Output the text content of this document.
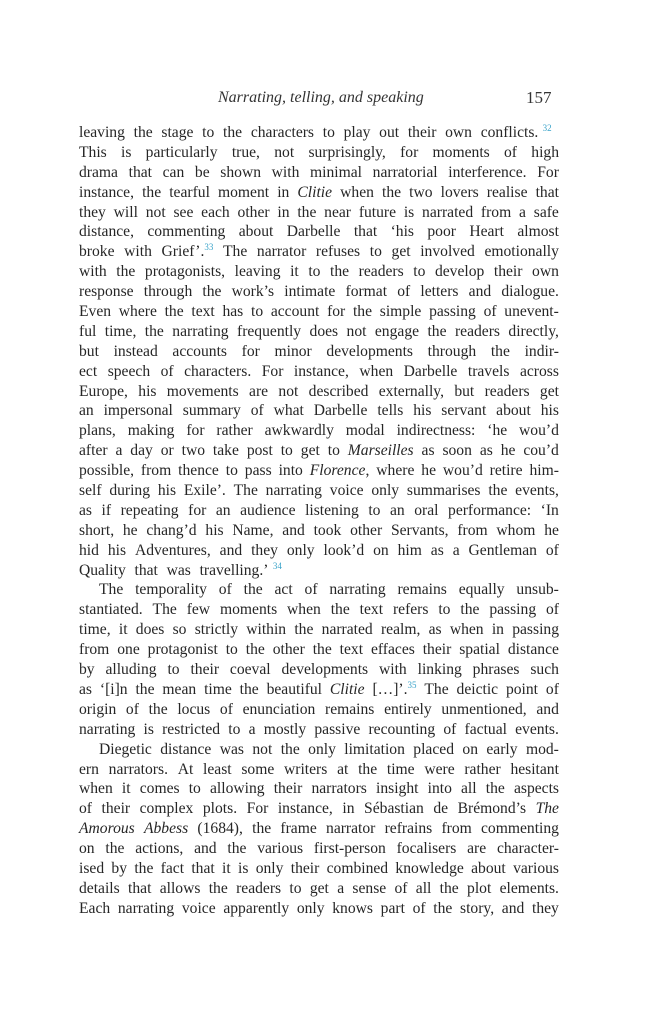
Narrating, telling, and speaking	157
leaving the stage to the characters to play out their own conflicts. $^{32}$
This is particularly true, not surprisingly, for moments of high
drama that can be shown with minimal narratorial interference. For
instance, the tearful moment in Clitie when the two lovers realise that
they will not see each other in the near future is narrated from a safe
distance, commenting about Darbelle that ‘his poor Heart almost
broke with Grief’.$^{33}$ The narrator refuses to get involved emotionally
with the protagonists, leaving it to the readers to develop their own
response through the work’s intimate format of letters and dialogue.
Even where the text has to account for the simple passing of unevent-
ful time, the narrating frequently does not engage the readers directly,
but instead accounts for minor developments through the indir-
ect speech of characters. For instance, when Darbelle travels across
Europe, his movements are not described externally, but readers get
an impersonal summary of what Darbelle tells his servant about his
plans, making for rather awkwardly modal indirectness: ‘he wou’d
after a day or two take post to get to Marseilles as soon as he cou’d
possible, from thence to pass into Florence, where he wou’d retire him-
self during his Exile’. The narrating voice only summarises the events,
as if repeating for an audience listening to an oral performance: ‘In
short, he chang’d his Name, and took other Servants, from whom he
hid his Adventures, and they only look’d on him as a Gentleman of
Quality that was travelling.’ $^{34}$
The temporality of the act of narrating remains equally unsub-
stantiated. The few moments when the text refers to the passing of
time, it does so strictly within the narrated realm, as when in passing
from one protagonist to the other the text effaces their spatial distance
by alluding to their coeval developments with linking phrases such
as ‘[i]n the mean time the beautiful Clitie […]’.$^{35}$ The deictic point of
origin of the locus of enunciation remains entirely unmentioned, and
narrating is restricted to a mostly passive recounting of factual events.
Diegetic distance was not the only limitation placed on early mod-
ern narrators. At least some writers at the time were rather hesitant
when it comes to allowing their narrators insight into all the aspects
of their complex plots. For instance, in Sébastian de Brémond’s The
Amorous Abbess (1684), the frame narrator refrains from commenting
on the actions, and the various first-person focalisers are character-
ised by the fact that it is only their combined knowledge about various
details that allows the readers to get a sense of all the plot elements.
Each narrating voice apparently only knows part of the story, and they
